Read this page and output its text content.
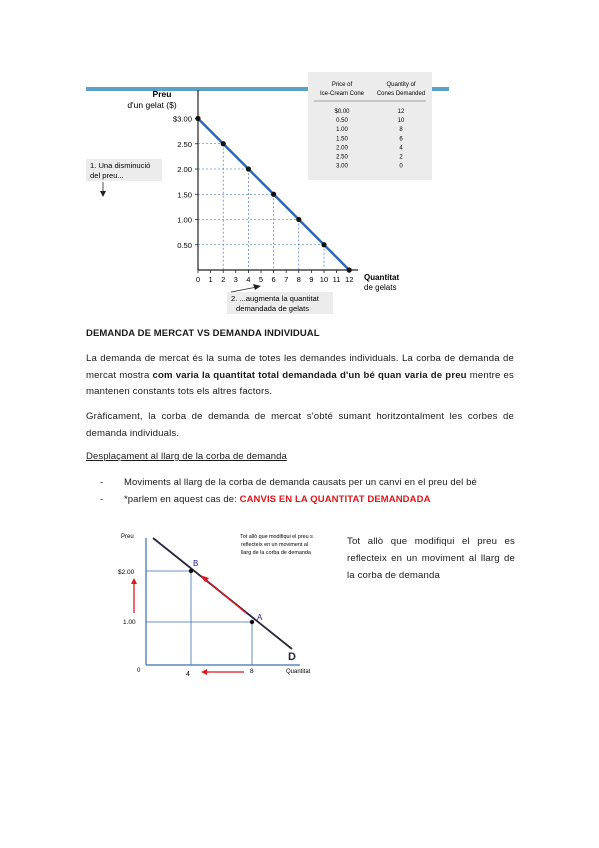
Price of
Ice-Cream Cone
Quantity of
Cones Demanded
$0.00	12
0.50	10
1.00	8
1.50	6
2.00	4
2.50	2
3.00	0
Preu
d'un gelat ($)
$3.00
2.50
2.00
1.50
1.00
0.50
0 1 2 3 4 5 6 7 8 9 10 11 12 Quantitat
de gelats
1. Una disminució
del preu...
2. ...augmenta la quantitat
demandada de gelats
DEMANDA DE MERCAT VS DEMANDA INDIVIDUAL
La demanda de mercat és la suma de totes les demandes individuals. La corba de demanda de mercat mostra com varia la quantitat total demandada d'un bé quan varia de preu mentre es mantenen constants tots els altres factors.
Gràficament, la corba de demanda de mercat s'obté sumant horitzontalment les corbes de demanda individuals.
Desplaçament al llarg de la corba de demanda
- Moviments al llarg de la corba de demanda causats per un canvi en el preu del bé
- *parlem en aquest cas de: CANVIS EN LA QUANTITAT DEMANDADA
Preu
Quantitat
0
$2.00
1.00
4	8
D
B
A
Tot allò que modifiqui el preu s
reflecteix en un moviment al
llarg de la corba de demanda
Tot allò que modifiqui el preu es reflecteix en un moviment al llarg de la corba de demanda
